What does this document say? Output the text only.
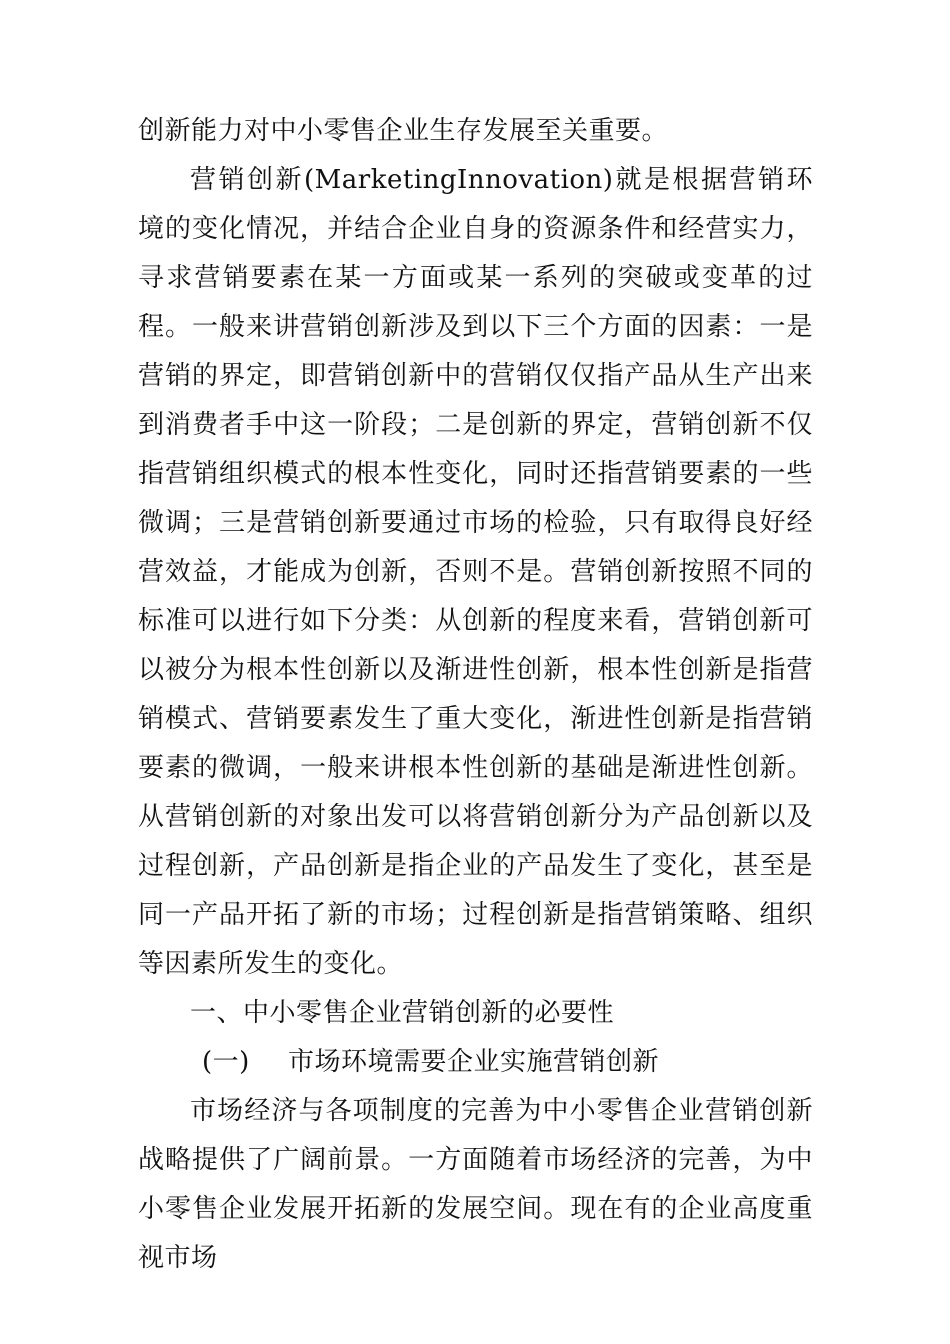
创新能力对中小零售企业生存发展至关重要。

营销创新(MarketingInnovation)就是根据营销环境的变化情况，并结合企业自身的资源条件和经营实力，寻求营销要素在某一方面或某一系列的突破或变革的过程。一般来讲营销创新涉及到以下三个方面的因素：一是营销的界定，即营销创新中的营销仅仅指产品从生产出来到消费者手中这一阶段；二是创新的界定，营销创新不仅指营销组织模式的根本性变化，同时还指营销要素的一些微调；三是营销创新要通过市场的检验，只有取得良好经营效益，才能成为创新，否则不是。营销创新按照不同的标准可以进行如下分类：从创新的程度来看，营销创新可以被分为根本性创新以及渐进性创新，根本性创新是指营销模式、营销要素发生了重大变化，渐进性创新是指营销要素的微调，一般来讲根本性创新的基础是渐进性创新。从营销创新的对象出发可以将营销创新分为产品创新以及过程创新，产品创新是指企业的产品发生了变化，甚至是同一产品开拓了新的市场；过程创新是指营销策略、组织等因素所发生的变化。

一、中小零售企业营销创新的必要性

(一) 市场环境需要企业实施营销创新

市场经济与各项制度的完善为中小零售企业营销创新战略提供了广阔前景。一方面随着市场经济的完善，为中小零售企业发展开拓新的发展空间。现在有的企业高度重视市场
